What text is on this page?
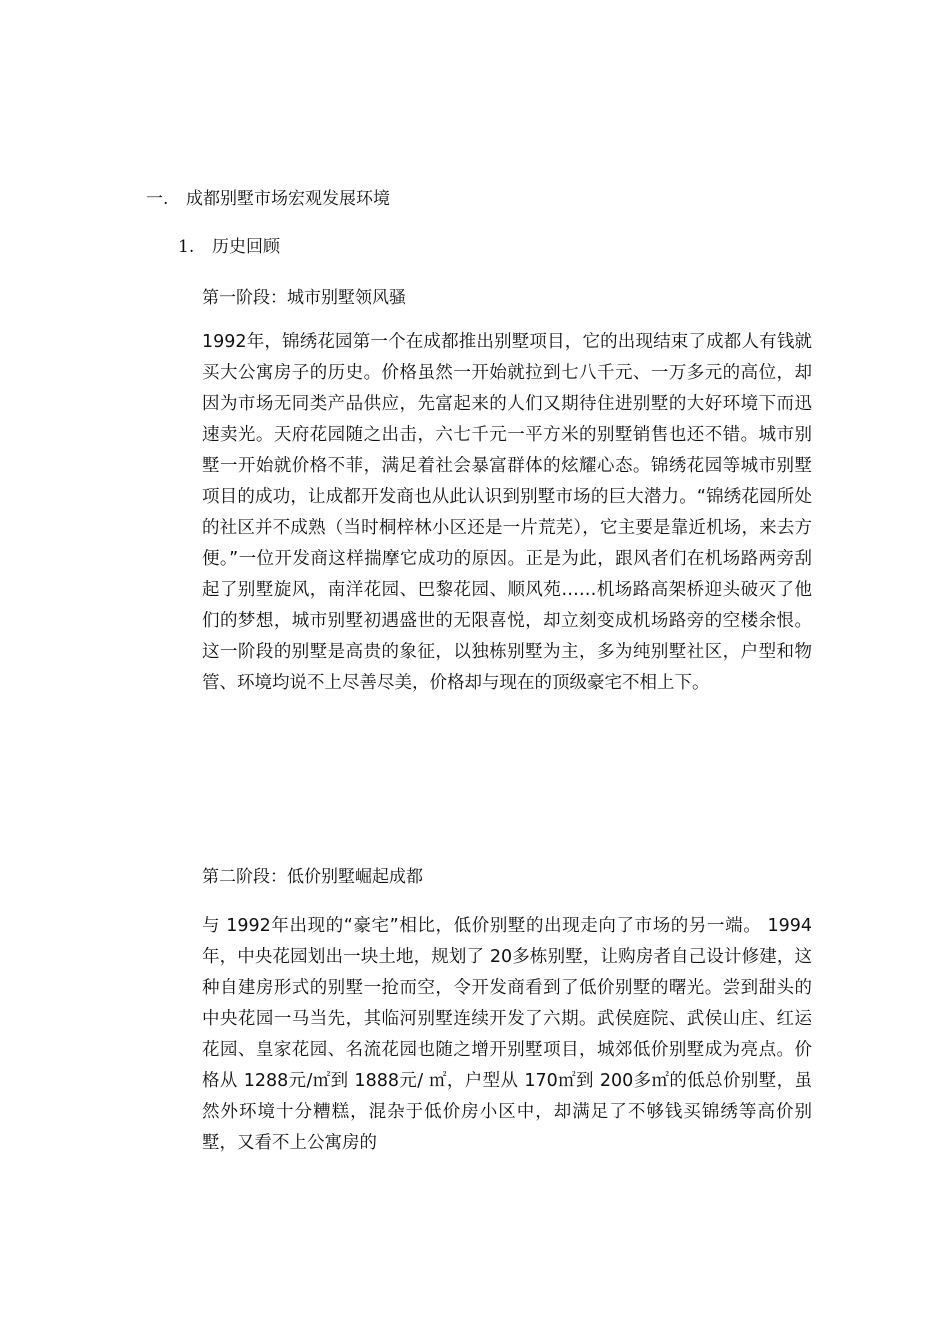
一. 成都别墅市场宏观发展环境
1. 历史回顾
第一阶段：城市别墅领风骚
1992年，锦绣花园第一个在成都推出别墅项目，它的出现结束了成都人有钱就买大公寓房子的历史。价格虽然一开始就拉到七八千元、一万多元的高位，却因为市场无同类产品供应，先富起来的人们又期待住进别墅的大好环境下而迅速卖光。天府花园随之出击，六七千元一平方米的别墅销售也还不错。城市别墅一开始就价格不菲，满足着社会暴富群体的炫耀心态。锦绣花园等城市别墅项目的成功，让成都开发商也从此认识到别墅市场的巨大潜力。“锦绣花园所处的社区并不成熟（当时桐梓林小区还是一片荒芜），它主要是靠近机场，来去方便。”一位开发商这样揣摩它成功的原因。正是为此，跟风者们在机场路两旁刮起了别墅旋风，南洋花园、巴黎花园、顺风苑……机场路高架桥迎头破灭了他们的梦想，城市别墅初遇盛世的无限喜悦，却立刻变成机场路旁的空楼余恨。这一阶段的别墅是高贵的象征，以独栋别墅为主，多为纯别墅社区，户型和物管、环境均说不上尽善尽美，价格却与现在的顶级豪宅不相上下。
第二阶段：低价别墅崛起成都
与 1992年出现的“豪宅”相比，低价别墅的出现走向了市场的另一端。 1994年，中央花园划出一块土地，规划了 20多栋别墅，让购房者自己设计修建，这种自建房形式的别墅一抢而空，令开发商看到了低价别墅的曙光。尝到甜头的中央花园一马当先，其临河别墅连续开发了六期。武侯庭院、武侯山庄、红运花园、皇家花园、名流花园也随之增开别墅项目，城郊低价别墅成为亮点。价格从 1288元/㎡到 1888元/ ㎡，户型从 170㎡到 200多㎡的低总价别墅，虽然外环境十分糟糕，混杂于低价房小区中，却满足了不够钱买锦绣等高价别墅，又看不上公寓房的
